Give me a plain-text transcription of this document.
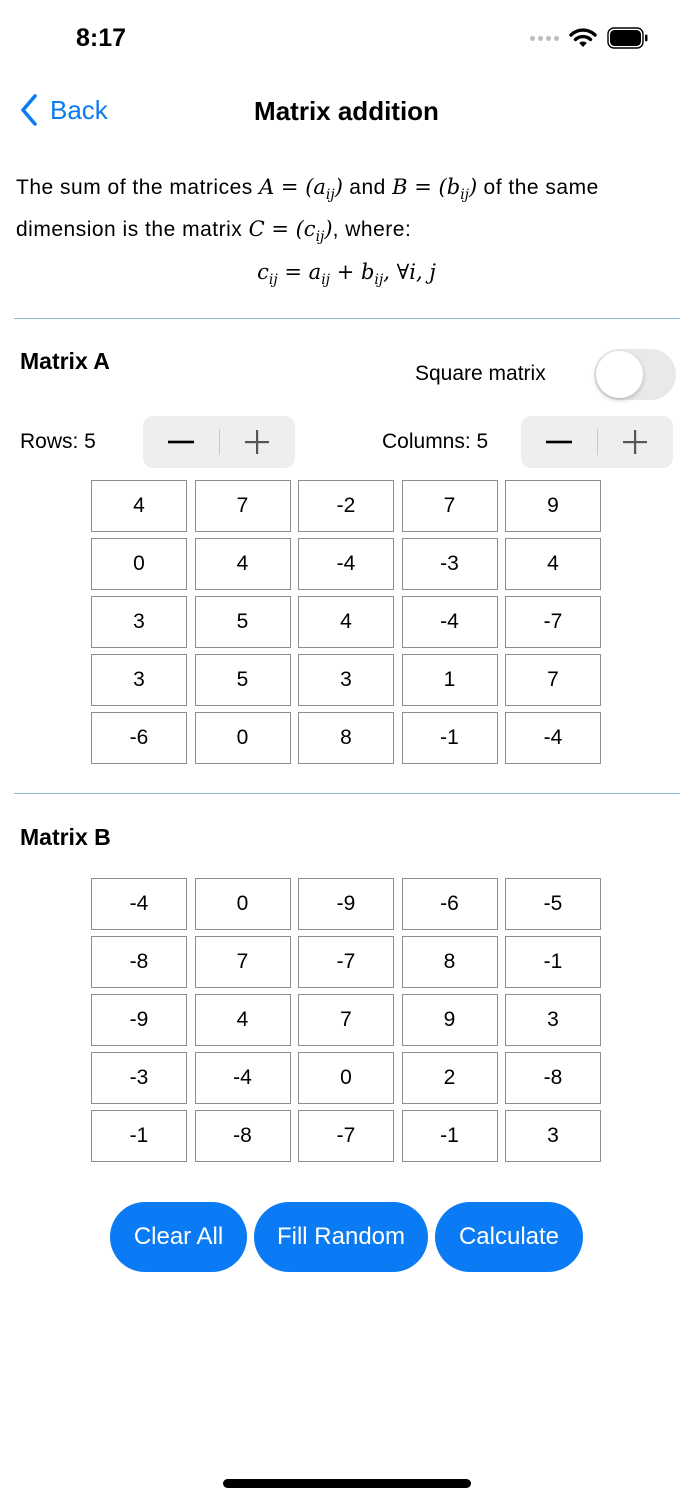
8:17
Back	Matrix addition
The sum of the matrices $A = (a_{ij})$ and $B = (b_{ij})$ of the same dimension is the matrix $C = (c_{ij})$, where:
$c_{ij} = a_{ij} + b_{ij}$, ∀i, j
Matrix A	Square matrix
Rows: 5	Columns: 5
4	7	-2	7	9
0	4	-4	-3	4
3	5	4	-4	-7
3	5	3	1	7
-6	0	8	-1	-4
Matrix B
-4	0	-9	-6	-5
-8	7	-7	8	-1
-9	4	7	9	3
-3	-4	0	2	-8
-1	-8	-7	-1	3
Clear All	Fill Random	Calculate
